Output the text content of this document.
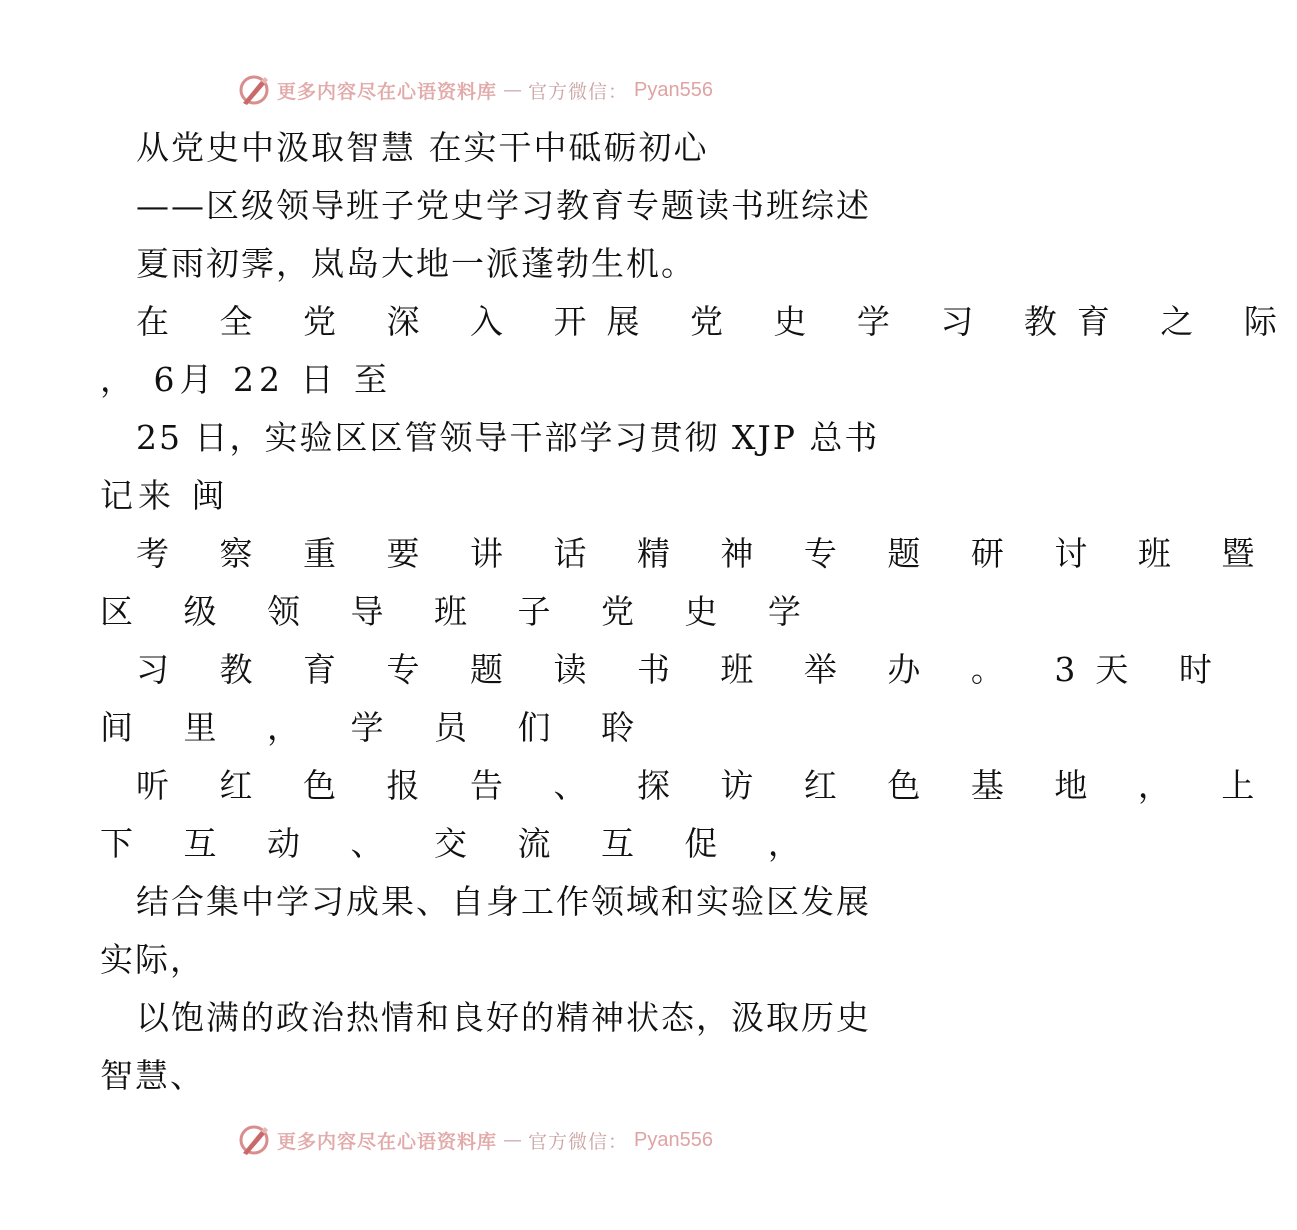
更多内容尽在心语资料库 — 官方微信： Pyan556
从党史中汲取智慧 在实干中砥砺初心
——区级领导班子党史学习教育专题读书班综述
夏雨初霁，岚岛大地一派蓬勃生机。
在 全 党 深 入 开展 党 史 学 习 教育 之 际
， 6月 22 日 至
25 日，实验区区管领导干部学习贯彻 XJP 总书
记来 闽
考 察 重 要 讲 话 精 神 专 题 研 讨 班 暨
区 级 领 导 班 子 党 史 学
习 教 育 专 题 读 书 班 举 办 。 3天 时
间 里 ， 学 员 们 聆
听 红 色 报 告 、 探 访 红 色 基 地 ， 上
下 互 动 、 交 流 互 促 ，
结合集中学习成果、自身工作领域和实验区发展
实际，
以饱满的政治热情和良好的精神状态，汲取历史
智慧、
更多内容尽在心语资料库 — 官方微信： Pyan556
